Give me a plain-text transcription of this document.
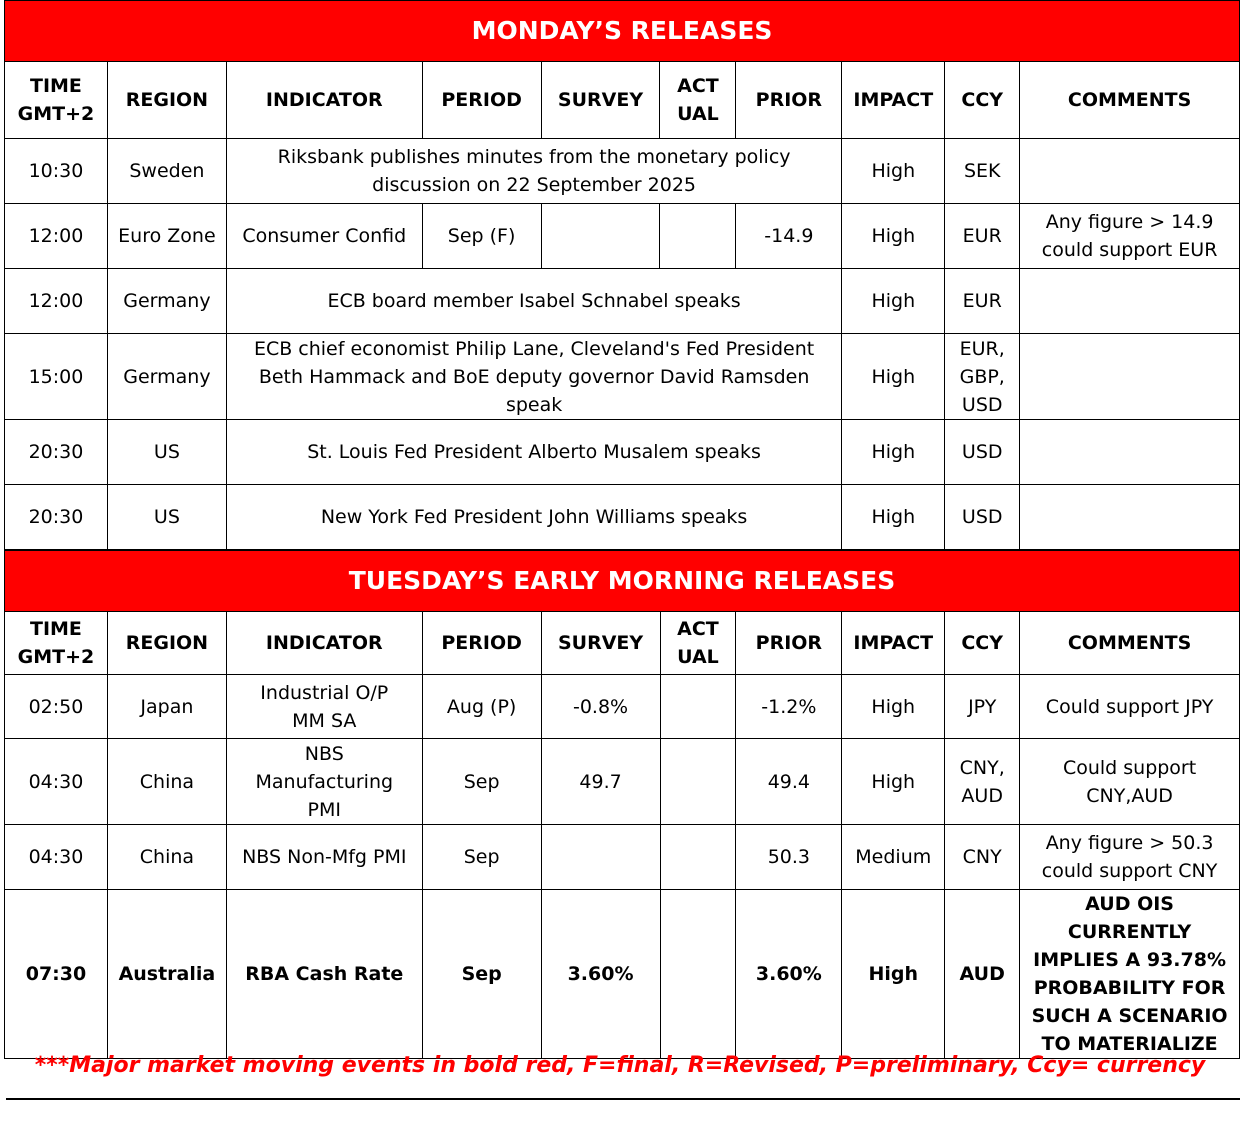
MONDAY’S RELEASES									
TIME
GMT+2	REGION	INDICATOR	PERIOD	SURVEY	ACT
UAL	PRIOR	IMPACT	CCY	COMMENTS
10:30	Sweden	Riksbank publishes minutes from the monetary policy
discussion on 22 September 2025					High	SEK	
12:00	Euro Zone	Consumer Confid	Sep (F)			-14.9	High	EUR	Any figure > 14.9
could support EUR
12:00	Germany	ECB board member Isabel Schnabel speaks					High	EUR	
15:00	Germany	ECB chief economist Philip Lane, Cleveland's Fed President
Beth Hammack and BoE deputy governor David Ramsden
speak					High	EUR,
GBP,
USD	
20:30	US	St. Louis Fed President Alberto Musalem speaks					High	USD	
20:30	US	New York Fed President John Williams speaks					High	USD	
TUESDAY’S EARLY MORNING RELEASES									
TIME
GMT+2	REGION	INDICATOR	PERIOD	SURVEY	ACT
UAL	PRIOR	IMPACT	CCY	COMMENTS
02:50	Japan	Industrial O/P
MM SA	Aug (P)	-0.8%		-1.2%	High	JPY	Could support JPY
04:30	China	NBS
Manufacturing
PMI	Sep	49.7		49.4	High	CNY,
AUD	Could support
CNY,AUD
04:30	China	NBS Non-Mfg PMI	Sep			50.3	Medium	CNY	Any figure > 50.3
could support CNY
07:30	Australia	RBA Cash Rate	Sep	3.60%		3.60%	High	AUD	AUD OIS CURRENTLY
IMPLIES A 93.78%
PROBABILITY FOR
SUCH A SCENARIO
TO MATERIALIZE
***Major market moving events in bold red, F=final, R=Revised, P=preliminary, Ccy= currency
